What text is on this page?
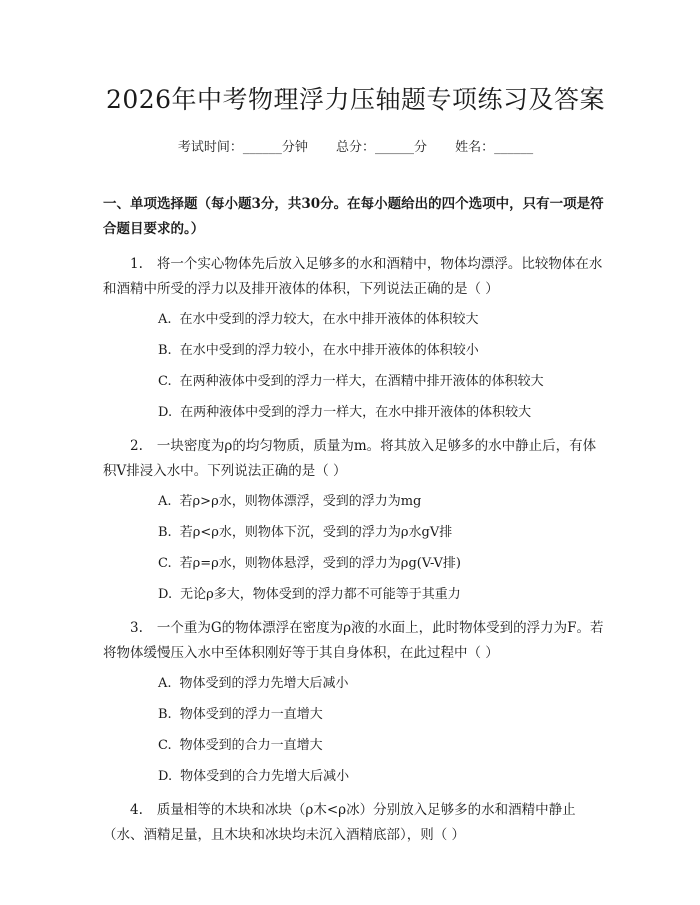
2026年中考物理浮力压轴题专项练习及答案
考试时间：______分钟 总分：______分 姓名：______
一、单项选择题（每小题3分，共30分。在每小题给出的四个选项中，只有一项是符合题目要求的。）
1. 将一个实心物体先后放入足够多的水和酒精中，物体均漂浮。比较物体在水和酒精中所受的浮力以及排开液体的体积，下列说法正确的是（ ）
A. 在水中受到的浮力较大，在水中排开液体的体积较大
B. 在水中受到的浮力较小，在水中排开液体的体积较小
C. 在两种液体中受到的浮力一样大，在酒精中排开液体的体积较大
D. 在两种液体中受到的浮力一样大，在水中排开液体的体积较大
2. 一块密度为ρ的均匀物质，质量为m。将其放入足够多的水中静止后，有体积V排浸入水中。下列说法正确的是（ ）
A. 若ρ>ρ水，则物体漂浮，受到的浮力为mg
B. 若ρ<ρ水，则物体下沉，受到的浮力为ρ水gV排
C. 若ρ=ρ水，则物体悬浮，受到的浮力为ρg(V-V排)
D. 无论ρ多大，物体受到的浮力都不可能等于其重力
3. 一个重为G的物体漂浮在密度为ρ液的水面上，此时物体受到的浮力为F。若将物体缓慢压入水中至体积刚好等于其自身体积，在此过程中（ ）
A. 物体受到的浮力先增大后减小
B. 物体受到的浮力一直增大
C. 物体受到的合力一直增大
D. 物体受到的合力先增大后减小
4. 质量相等的木块和冰块（ρ木<ρ冰）分别放入足够多的水和酒精中静止（水、酒精足量，且木块和冰块均未沉入酒精底部），则（ ）
